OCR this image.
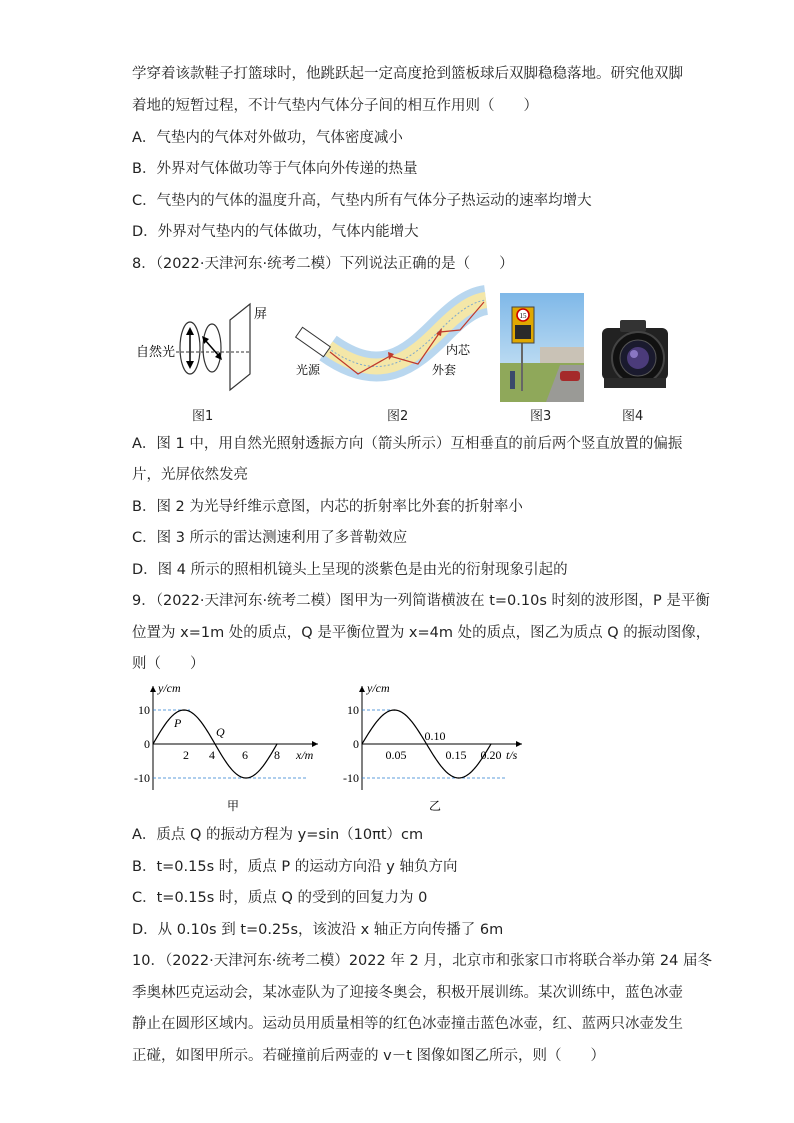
学穿着该款鞋子打篮球时，他跳跃起一定高度抢到篮板球后双脚稳稳落地。研究他双脚
着地的短暂过程，不计气垫内气体分子间的相互作用则（　　）
A．气垫内的气体对外做功，气体密度减小
B．外界对气体做功等于气体向外传递的热量
C．气垫内的气体的温度升高，气垫内所有气体分子热运动的速率均增大
D．外界对气垫内的气体做功，气体内能增大
8．（2022·天津河东·统考二模）下列说法正确的是（　　）
自然光
屏
图1
光源
内芯
外套
图2
15
图3	图4
A．图 1 中，用自然光照射透振方向（箭头所示）互相垂直的前后两个竖直放置的偏振
片，光屏依然发亮
B．图 2 为光导纤维示意图，内芯的折射率比外套的折射率小
C．图 3 所示的雷达测速利用了多普勒效应
D．图 4 所示的照相机镜头上呈现的淡紫色是由光的衍射现象引起的
9．（2022·天津河东·统考二模）图甲为一列简谐横波在 t=0.10s 时刻的波形图，P 是平衡
位置为 x=1m 处的质点，Q 是平衡位置为 x=4m 处的质点，图乙为质点 Q 的振动图像，
则（　　）
y/cm
x/m
10
0
-10
2 4 6 8
P
Q
甲
y/cm
t/s
10
0
-10
0.05
0.10
0.15 0.20
乙
A．质点 Q 的振动方程为 y=sin（10πt）cm
B．t=0.15s 时，质点 P 的运动方向沿 y 轴负方向
C．t=0.15s 时，质点 Q 的受到的回复力为 0
D．从 0.10s 到 t=0.25s，该波沿 x 轴正方向传播了 6m
10．（2022·天津河东·统考二模）2022 年 2 月，北京市和张家口市将联合举办第 24 届冬
季奥林匹克运动会，某冰壶队为了迎接冬奥会，积极开展训练。某次训练中，蓝色冰壶
静止在圆形区域内。运动员用质量相等的红色冰壶撞击蓝色冰壶，红、蓝两只冰壶发生
正碰，如图甲所示。若碰撞前后两壶的 v－t 图像如图乙所示，则（　　）
